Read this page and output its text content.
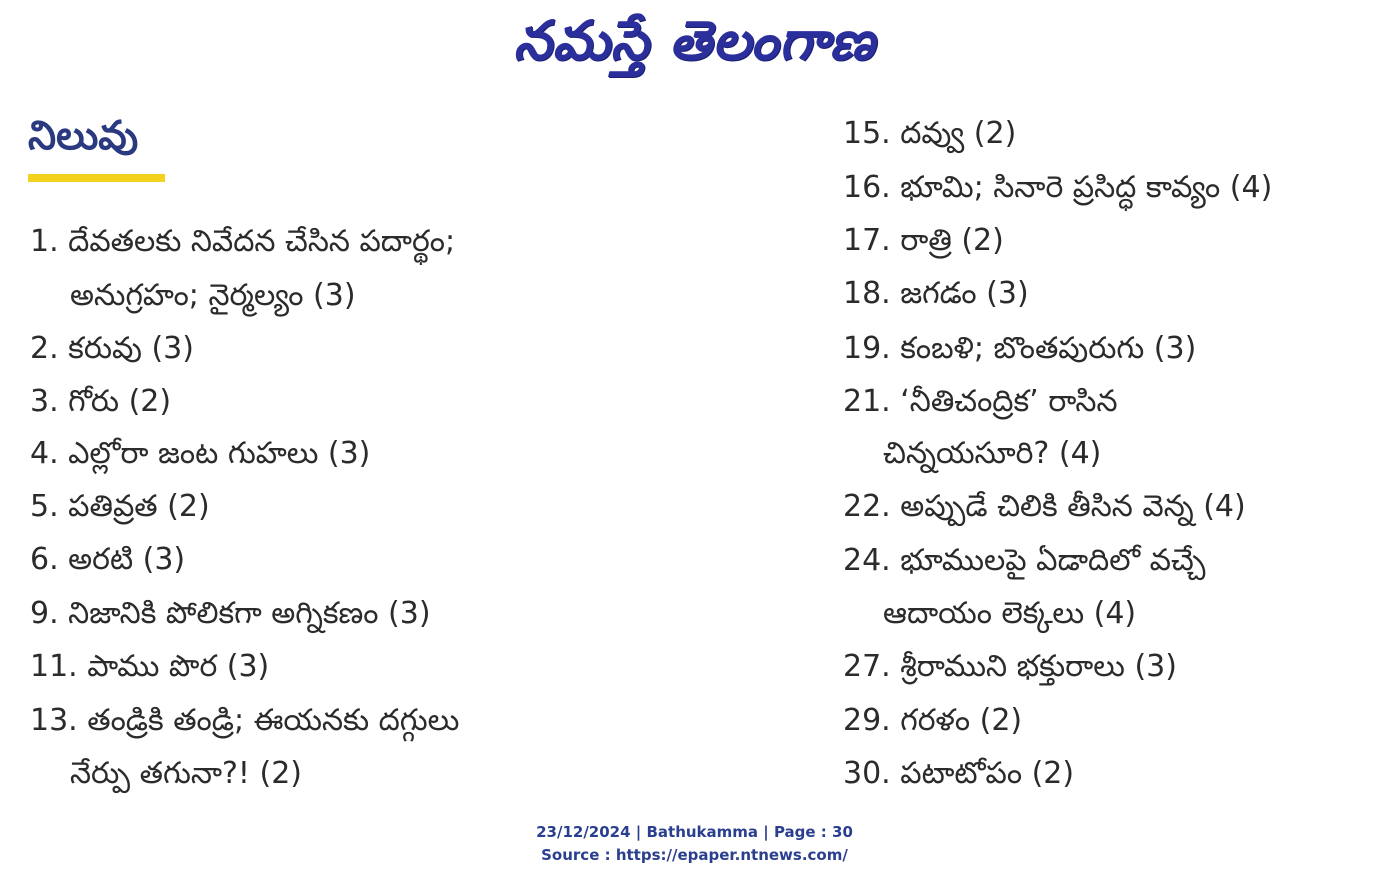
నమస్తే తెలంగాణ
నిలువు
1. దేవతలకు నివేదన చేసిన పదార్థం;
అనుగ్రహం; నైర్మల్యం (3)
2. కరువు (3)
3. గోరు (2)
4. ఎల్లోరా జంట గుహలు (3)
5. పతివ్రత (2)
6. అరటి (3)
9. నిజానికి పోలికగా అగ్నికణం (3)
11. పాము పొర (3)
13. తండ్రికి తండ్రి; ఈయనకు దగ్గులు
నేర్పు తగునా?! (2)
15. దవ్వు (2)
16. భూమి; సినారె ప్రసిద్ధ కావ్యం (4)
17. రాత్రి (2)
18. జగడం (3)
19. కంబళి; బొంతపురుగు (3)
21. ‘నీతిచంద్రిక’ రాసిన
చిన్నయసూరి? (4)
22. అప్పుడే చిలికి తీసిన వెన్న (4)
24. భూములపై ఏడాదిలో వచ్చే
ఆదాయం లెక్కలు (4)
27. శ్రీరాముని భక్తురాలు (3)
29. గరళం (2)
30. పటాటోపం (2)
23/12/2024 | Bathukamma | Page : 30
Source : https://epaper.ntnews.com/
